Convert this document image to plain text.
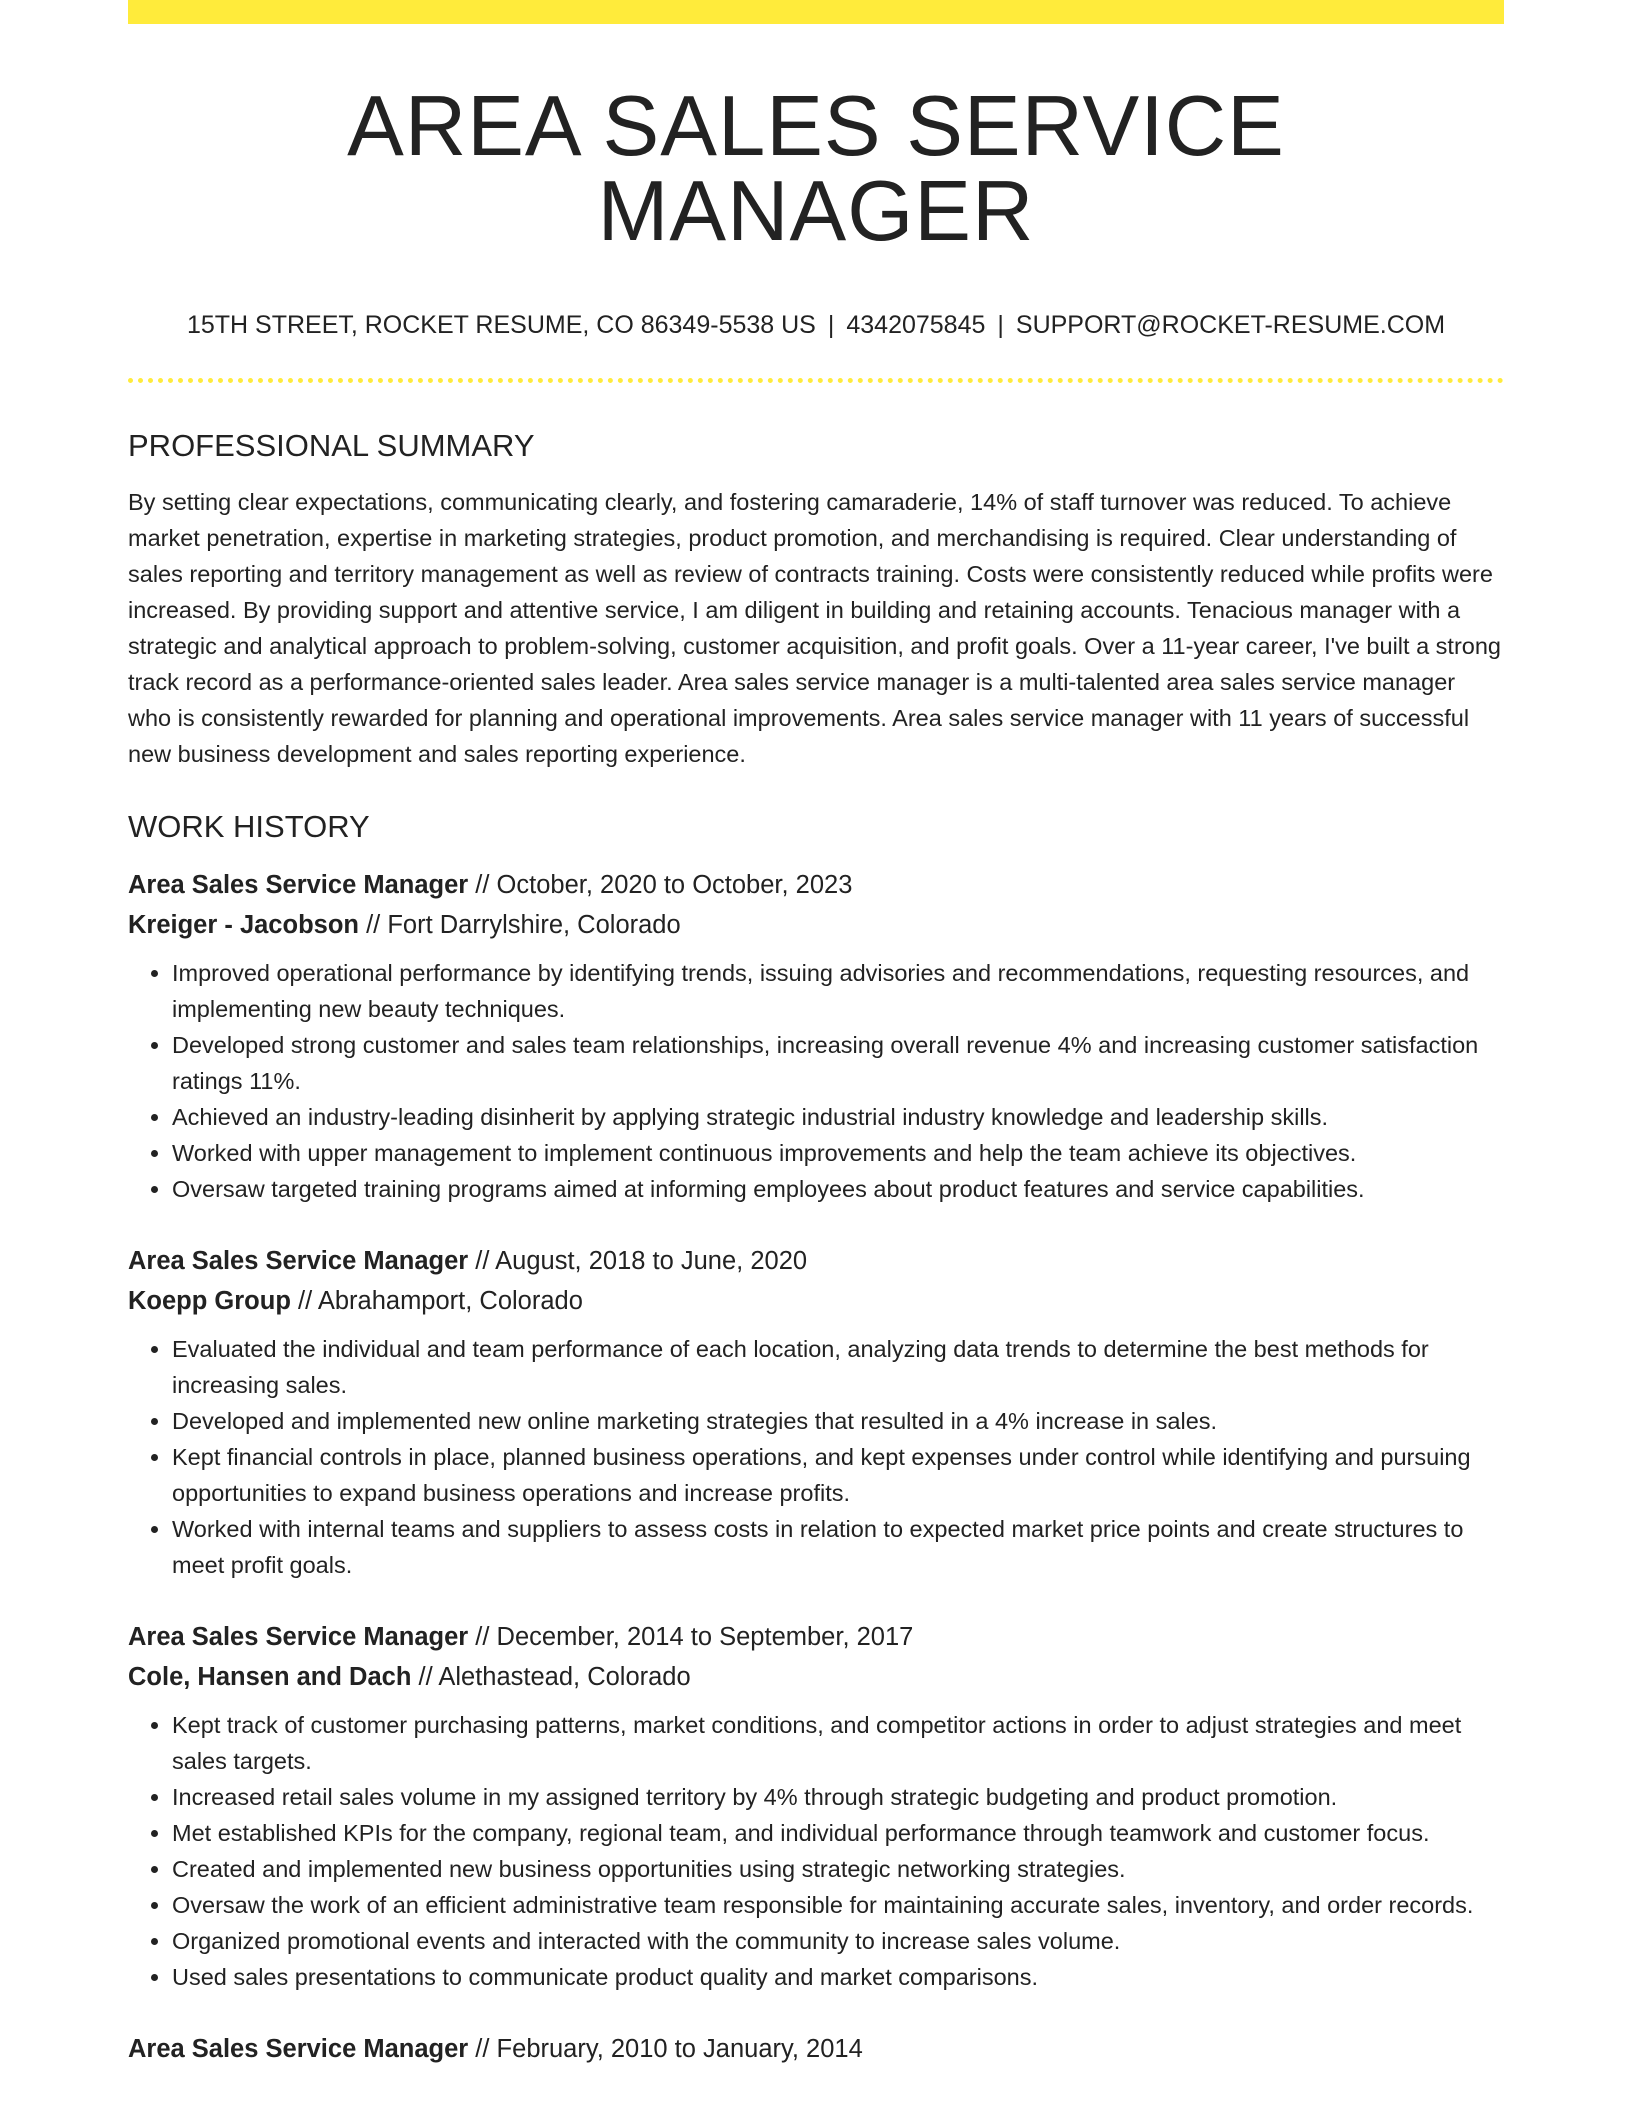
AREA SALES SERVICE MANAGER
15TH STREET, ROCKET RESUME, CO 86349-5538 US | 4342075845 | SUPPORT@ROCKET-RESUME.COM
PROFESSIONAL SUMMARY

By setting clear expectations, communicating clearly, and fostering camaraderie, 14% of staff turnover was reduced. To achieve market penetration, expertise in marketing strategies, product promotion, and merchandising is required. Clear understanding of sales reporting and territory management as well as review of contracts training. Costs were consistently reduced while profits were increased. By providing support and attentive service, I am diligent in building and retaining accounts. Tenacious manager with a strategic and analytical approach to problem-solving, customer acquisition, and profit goals. Over a 11-year career, I've built a strong track record as a performance-oriented sales leader. Area sales service manager is a multi-talented area sales service manager who is consistently rewarded for planning and operational improvements. Area sales service manager with 11 years of successful new business development and sales reporting experience.

WORK HISTORY
Area Sales Service Manager // October, 2020 to October, 2023
Kreiger - Jacobson // Fort Darrylshire, Colorado
• Improved operational performance by identifying trends, issuing advisories and recommendations, requesting resources, and implementing new beauty techniques.
• Developed strong customer and sales team relationships, increasing overall revenue 4% and increasing customer satisfaction ratings 11%.
• Achieved an industry-leading disinherit by applying strategic industrial industry knowledge and leadership skills.
• Worked with upper management to implement continuous improvements and help the team achieve its objectives.
• Oversaw targeted training programs aimed at informing employees about product features and service capabilities.
Area Sales Service Manager // August, 2018 to June, 2020
Koepp Group // Abrahamport, Colorado
• Evaluated the individual and team performance of each location, analyzing data trends to determine the best methods for increasing sales.
• Developed and implemented new online marketing strategies that resulted in a 4% increase in sales.
• Kept financial controls in place, planned business operations, and kept expenses under control while identifying and pursuing opportunities to expand business operations and increase profits.
• Worked with internal teams and suppliers to assess costs in relation to expected market price points and create structures to meet profit goals.
Area Sales Service Manager // December, 2014 to September, 2017
Cole, Hansen and Dach // Alethastead, Colorado
• Kept track of customer purchasing patterns, market conditions, and competitor actions in order to adjust strategies and meet sales targets.
• Increased retail sales volume in my assigned territory by 4% through strategic budgeting and product promotion.
• Met established KPIs for the company, regional team, and individual performance through teamwork and customer focus.
• Created and implemented new business opportunities using strategic networking strategies.
• Oversaw the work of an efficient administrative team responsible for maintaining accurate sales, inventory, and order records.
• Organized promotional events and interacted with the community to increase sales volume.
• Used sales presentations to communicate product quality and market comparisons.
Area Sales Service Manager // February, 2010 to January, 2014
